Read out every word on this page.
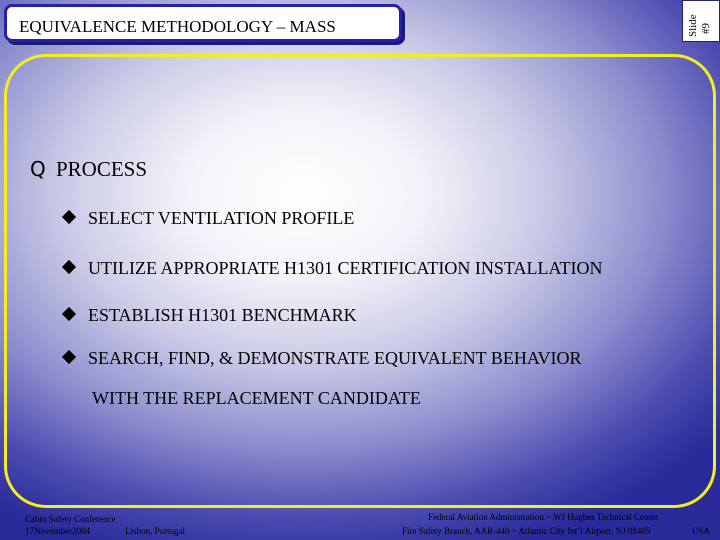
EQUIVALENCE METHODOLOGY – MASS	Slide #9
Q PROCESS
SELECT VENTILATION PROFILE
UTILIZE APPROPRIATE H1301 CERTIFICATION INSTALLATION
ESTABLISH H1301 BENCHMARK
SEARCH, FIND, & DEMONSTRATE EQUIVALENT BEHAVIOR
WITH THE REPLACEMENT CANDIDATE
Cabin Safety Conference
17November2004	Lisbon, Portugal
Federal Aviation Administration ~ WJ Hughes Technical Center
Fire Safety Branch, AAR-440 ~ Atlantic City Int’l Airport, NJ 08405	USA
